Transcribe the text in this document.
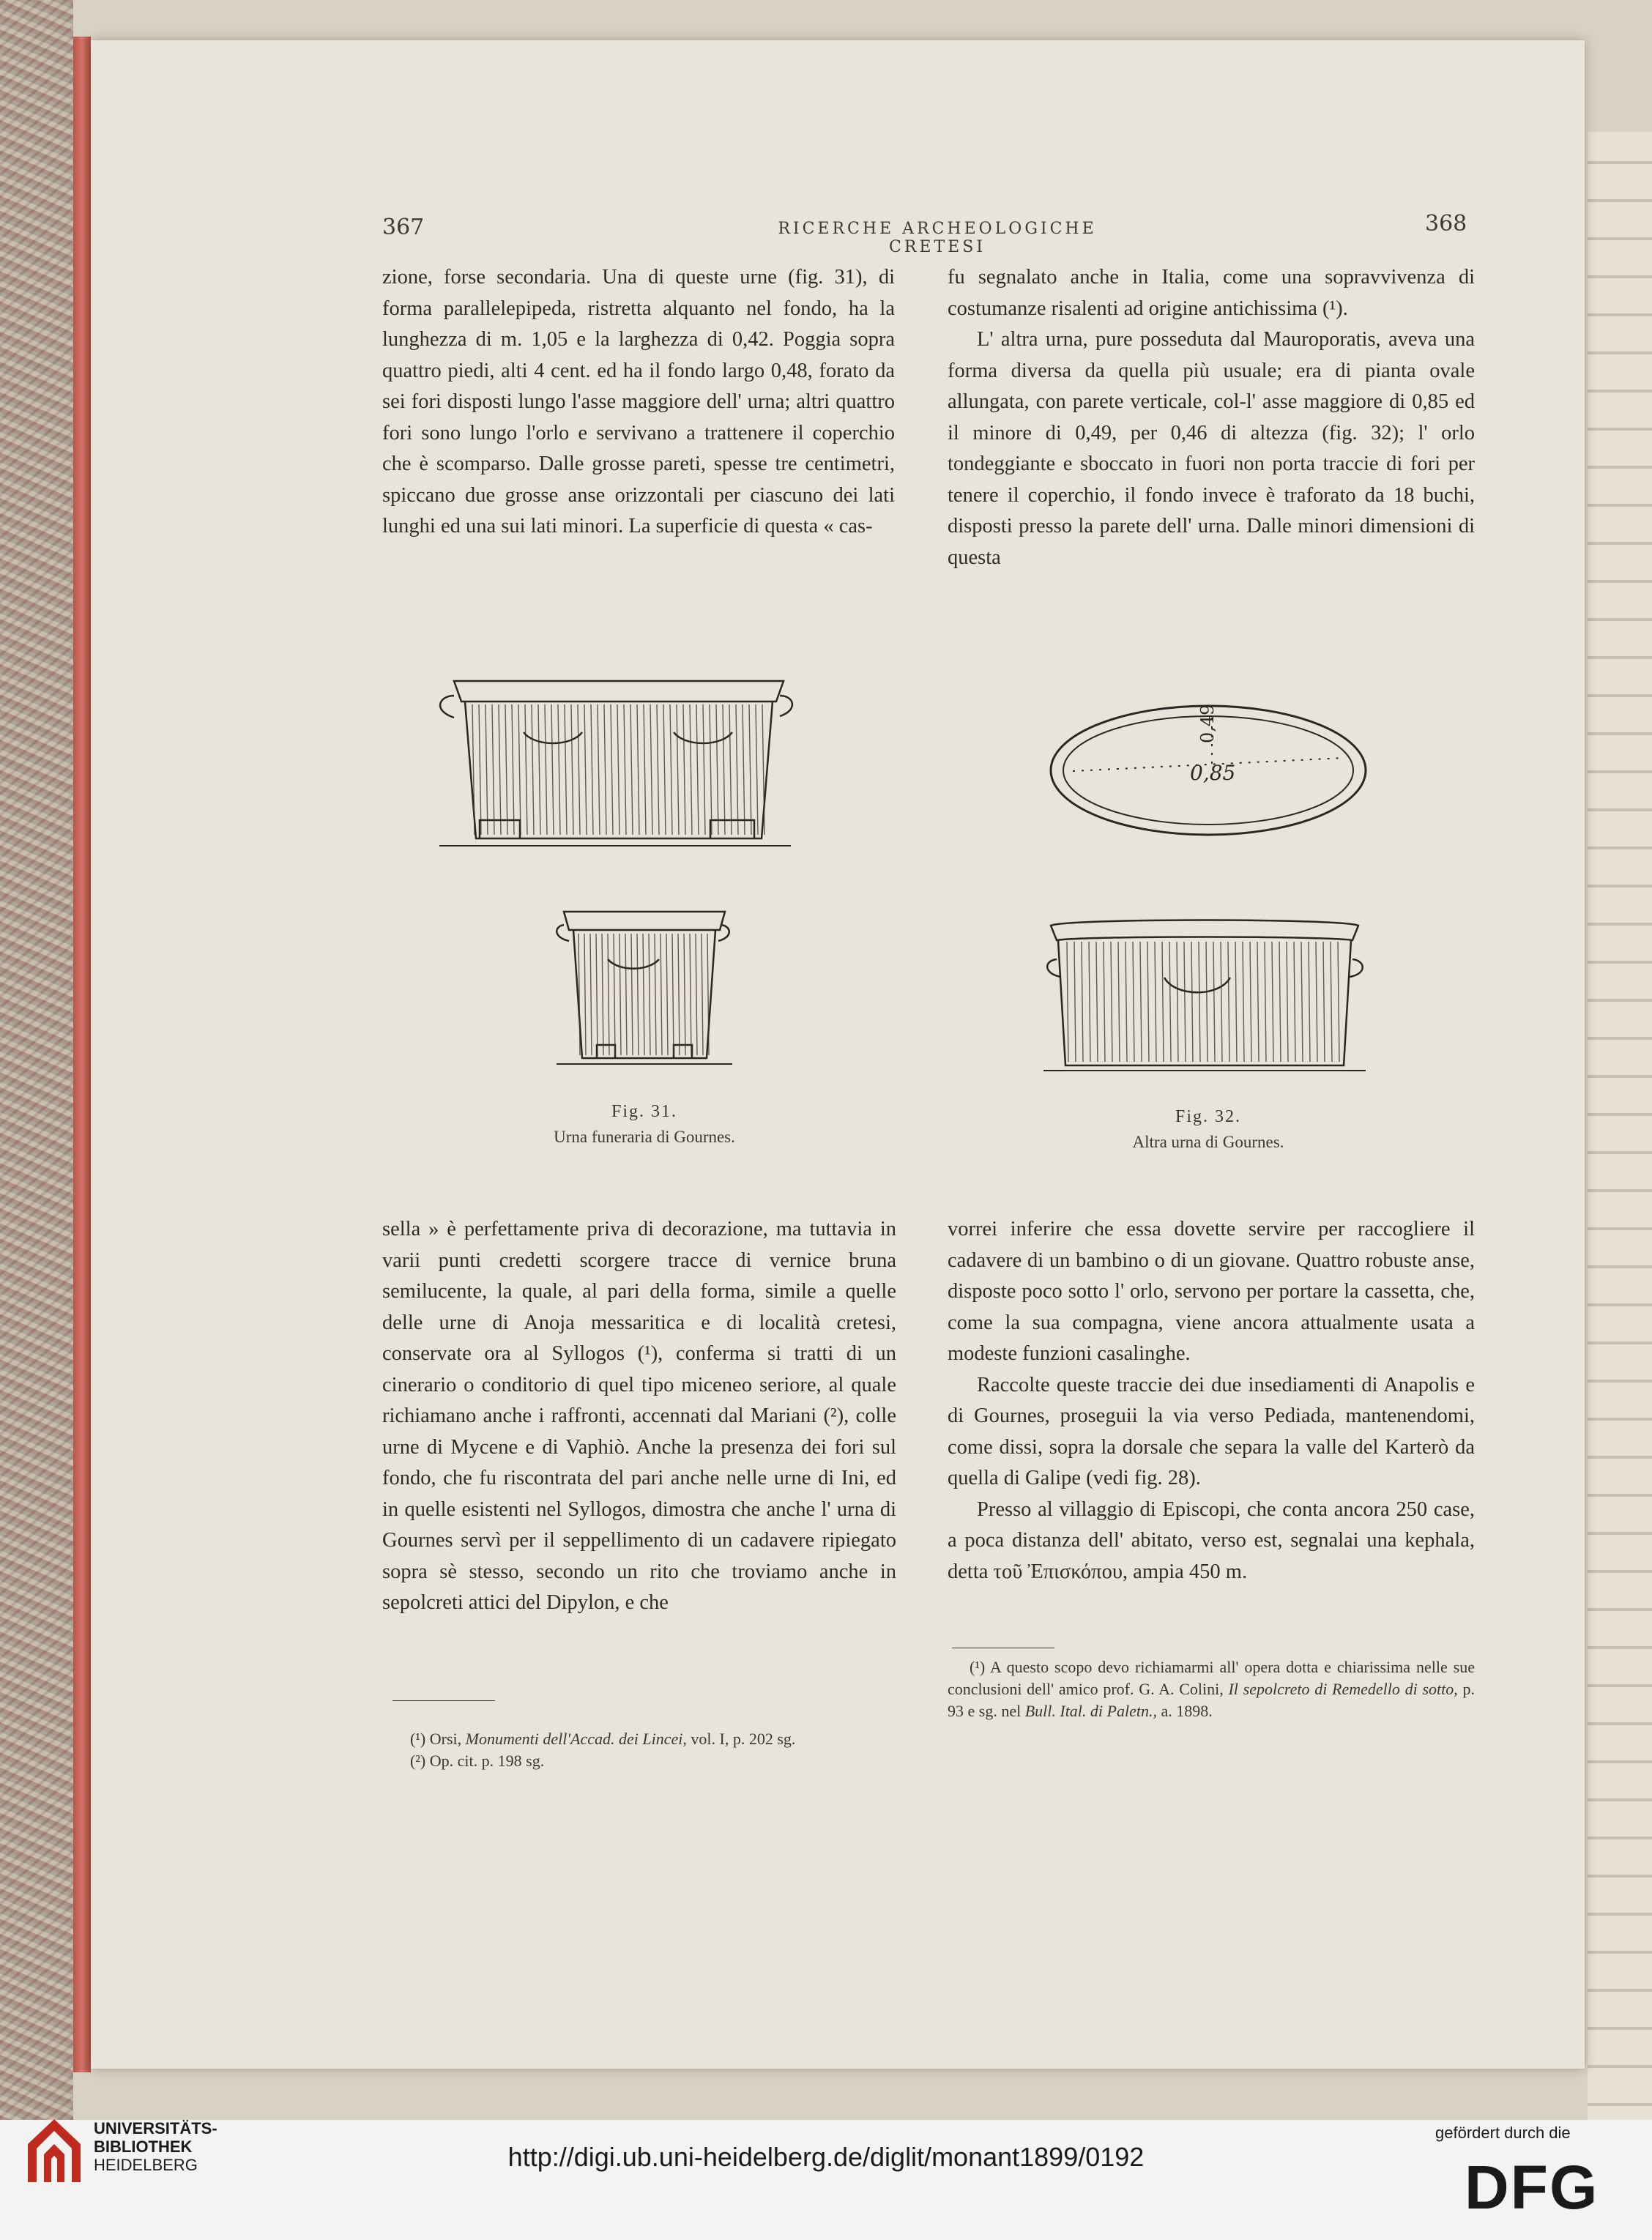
367	368
RICERCHE ARCHEOLOGICHE CRETESI

zione, forse secondaria. Una di queste urne (fig. 31), di forma parallelepipeda, ristretta alquanto nel fondo, ha la lunghezza di m. 1,05 e la larghezza di 0,42. Poggia sopra quattro piedi, alti 4 cent. ed ha il fondo largo 0,48, forato da sei fori disposti lungo l'asse maggiore dell' urna; altri quattro fori sono lungo l'orlo e servivano a trattenere il coperchio che è scomparso. Dalle grosse pareti, spesse tre centimetri, spiccano due grosse anse orizzontali per ciascuno dei lati lunghi ed una sui lati minori. La superficie di questa « cas-

fu segnalato anche in Italia, come una sopravvivenza di costumanze risalenti ad origine antichissima (¹).

L' altra urna, pure posseduta dal Mauroporatis, aveva una forma diversa da quella più usuale; era di pianta ovale allungata, con parete verticale, col-l' asse maggiore di 0,85 ed il minore di 0,49, per 0,46 di altezza (fig. 32); l' orlo tondeggiante e sboccato in fuori non porta traccie di fori per tenere il coperchio, il fondo invece è traforato da 18 buchi, disposti presso la parete dell' urna. Dalle minori dimensioni di questa

Fig. 31.
Urna funeraria di Gournes.
0,49
0,85
Fig. 32.
Altra urna di Gournes.

sella » è perfettamente priva di decorazione, ma tuttavia in varii punti credetti scorgere tracce di vernice bruna semilucente, la quale, al pari della forma, simile a quelle delle urne di Anoja messaritica e di località cretesi, conservate ora al Syllogos (¹), conferma si tratti di un cinerario o conditorio di quel tipo miceneo seriore, al quale richiamano anche i raffronti, accennati dal Mariani (²), colle urne di Mycene e di Vaphiò. Anche la presenza dei fori sul fondo, che fu riscontrata del pari anche nelle urne di Ini, ed in quelle esistenti nel Syllogos, dimostra che anche l' urna di Gournes servì per il seppellimento di un cadavere ripiegato sopra sè stesso, secondo un rito che troviamo anche in sepolcreti attici del Dipylon, e che

vorrei inferire che essa dovette servire per raccogliere il cadavere di un bambino o di un giovane. Quattro robuste anse, disposte poco sotto l' orlo, servono per portare la cassetta, che, come la sua compagna, viene ancora attualmente usata a modeste funzioni casalinghe.

Raccolte queste traccie dei due insediamenti di Anapolis e di Gournes, proseguii la via verso Pediada, mantenendomi, come dissi, sopra la dorsale che separa la valle del Karterò da quella di Galipe (vedi fig. 28).

Presso al villaggio di Episcopi, che conta ancora 250 case, a poca distanza dell' abitato, verso est, segnalai una kephala, detta τοῦ Ἐπισκόπου, ampia 450 m.

(¹) Orsi, Monumenti dell'Accad. dei Lincei, vol. I, p. 202 sg.
(²) Op. cit. p. 198 sg.
(¹) A questo scopo devo richiamarmi all' opera dotta e chiarissima nelle sue conclusioni dell' amico prof. G. A. Colini, Il sepolcreto di Remedello di sotto, p. 93 e sg. nel Bull. Ital. di Paletn., a. 1898.
UNIVERSITÄTS-
BIBLIOTHEK
HEIDELBERG	http://digi.ub.uni-heidelberg.de/diglit/monant1899/0192
gefördert durch die
DFG
